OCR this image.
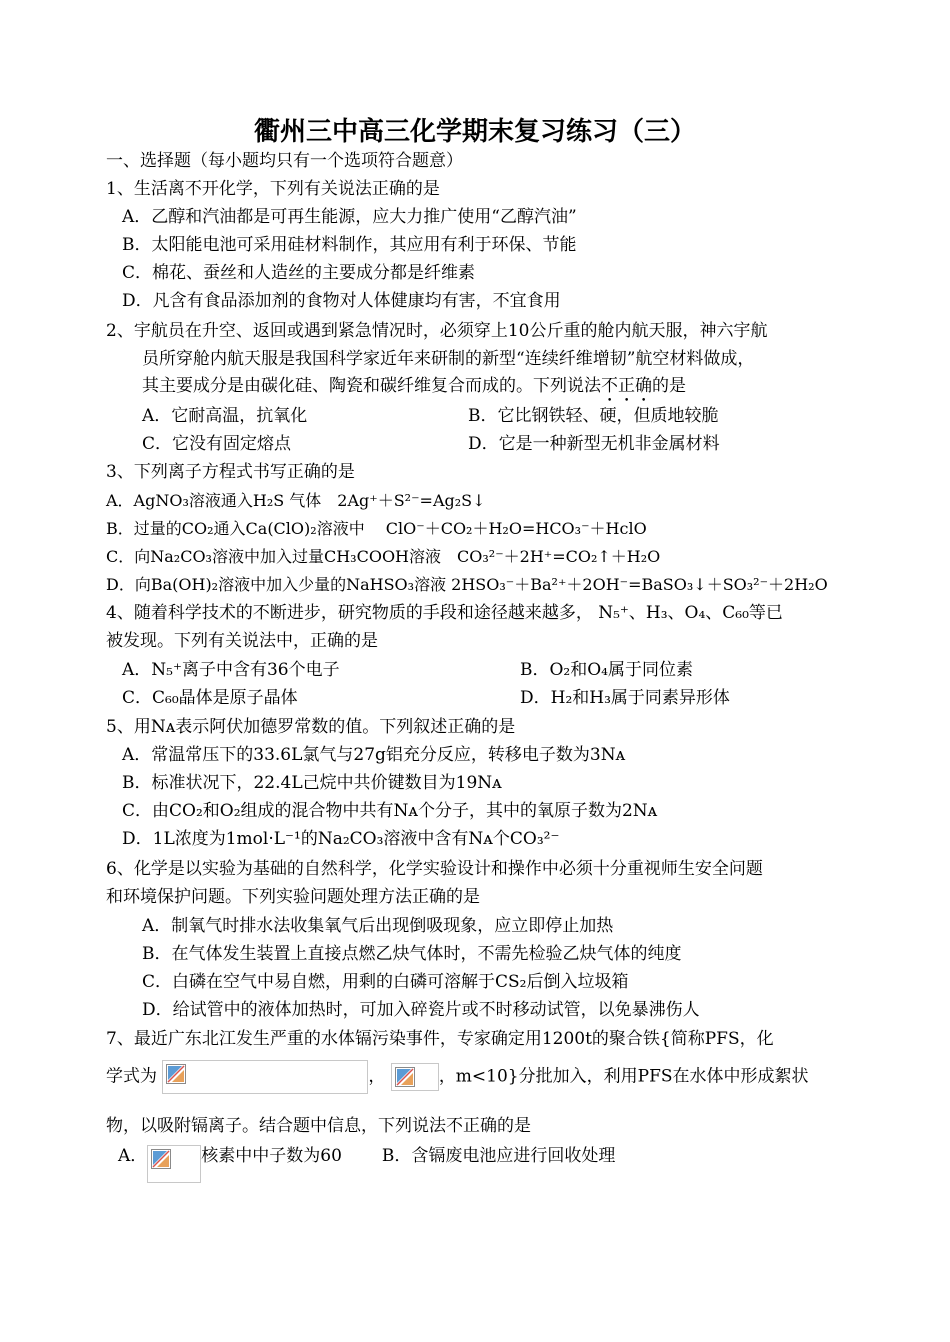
衢州三中高三化学期末复习练习（三）
一、选择题（每小题均只有一个选项符合题意）
1、生活离不开化学，下列有关说法正确的是
A．乙醇和汽油都是可再生能源，应大力推广使用“乙醇汽油”
B．太阳能电池可采用硅材料制作，其应用有利于环保、节能
C．棉花、蚕丝和人造丝的主要成分都是纤维素
D．凡含有食品添加剂的食物对人体健康均有害，不宜食用
2、宇航员在升空、返回或遇到紧急情况时，必须穿上10公斤重的舱内航天服，神六宇航
员所穿舱内航天服是我国科学家近年来研制的新型“连续纤维增韧”航空材料做成，
其主要成分是由碳化硅、陶瓷和碳纤维复合而成的。下列说法不正确的是
A．它耐高温，抗氧化	B．它比钢铁轻、硬，但质地较脆
C．它没有固定熔点	D．它是一种新型无机非金属材料
3、下列离子方程式书写正确的是
A．AgNO₃溶液通入H₂S 气体　2Ag⁺＋S²⁻=Ag₂S↓
B．过量的CO₂通入Ca(ClO)₂溶液中　 ClO⁻＋CO₂＋H₂O=HCO₃⁻＋HclO
C．向Na₂CO₃溶液中加入过量CH₃COOH溶液　CO₃²⁻＋2H⁺=CO₂↑＋H₂O
D．向Ba(OH)₂溶液中加入少量的NaHSO₃溶液 2HSO₃⁻＋Ba²⁺＋2OH⁻=BaSO₃↓＋SO₃²⁻＋2H₂O
4、随着科学技术的不断进步，研究物质的手段和途径越来越多， N₅⁺、H₃、O₄、C₆₀等已
被发现。下列有关说法中，正确的是
A．N₅⁺离子中含有36个电子	B．O₂和O₄属于同位素
C．C₆₀晶体是原子晶体	D．H₂和H₃属于同素异形体
5、用Nᴀ表示阿伏加德罗常数的值。下列叙述正确的是
A．常温常压下的33.6L氯气与27g铝充分反应，转移电子数为3Nᴀ
B．标准状况下，22.4L己烷中共价键数目为19Nᴀ
C．由CO₂和O₂组成的混合物中共有Nᴀ个分子，其中的氧原子数为2Nᴀ
D．1L浓度为1mol·L⁻¹的Na₂CO₃溶液中含有Nᴀ个CO₃²⁻
6、化学是以实验为基础的自然科学，化学实验设计和操作中必须十分重视师生安全问题
和环境保护问题。下列实验问题处理方法正确的是
A．制氧气时排水法收集氧气后出现倒吸现象，应立即停止加热
B．在气体发生装置上直接点燃乙炔气体时，不需先检验乙炔气体的纯度
C．白磷在空气中易自燃，用剩的白磷可溶解于CS₂后倒入垃圾箱
D．给试管中的液体加热时，可加入碎瓷片或不时移动试管，以免暴沸伤人
7、最近广东北江发生严重的水体镉污染事件，专家确定用1200t的聚合铁{简称PFS，化
学式为	，	，m<10}分批加入，利用PFS在水体中形成絮状
物，以吸附镉离子。结合题中信息，下列说法不正确的是
A．	核素中中子数为60 B．含镉废电池应进行回收处理
